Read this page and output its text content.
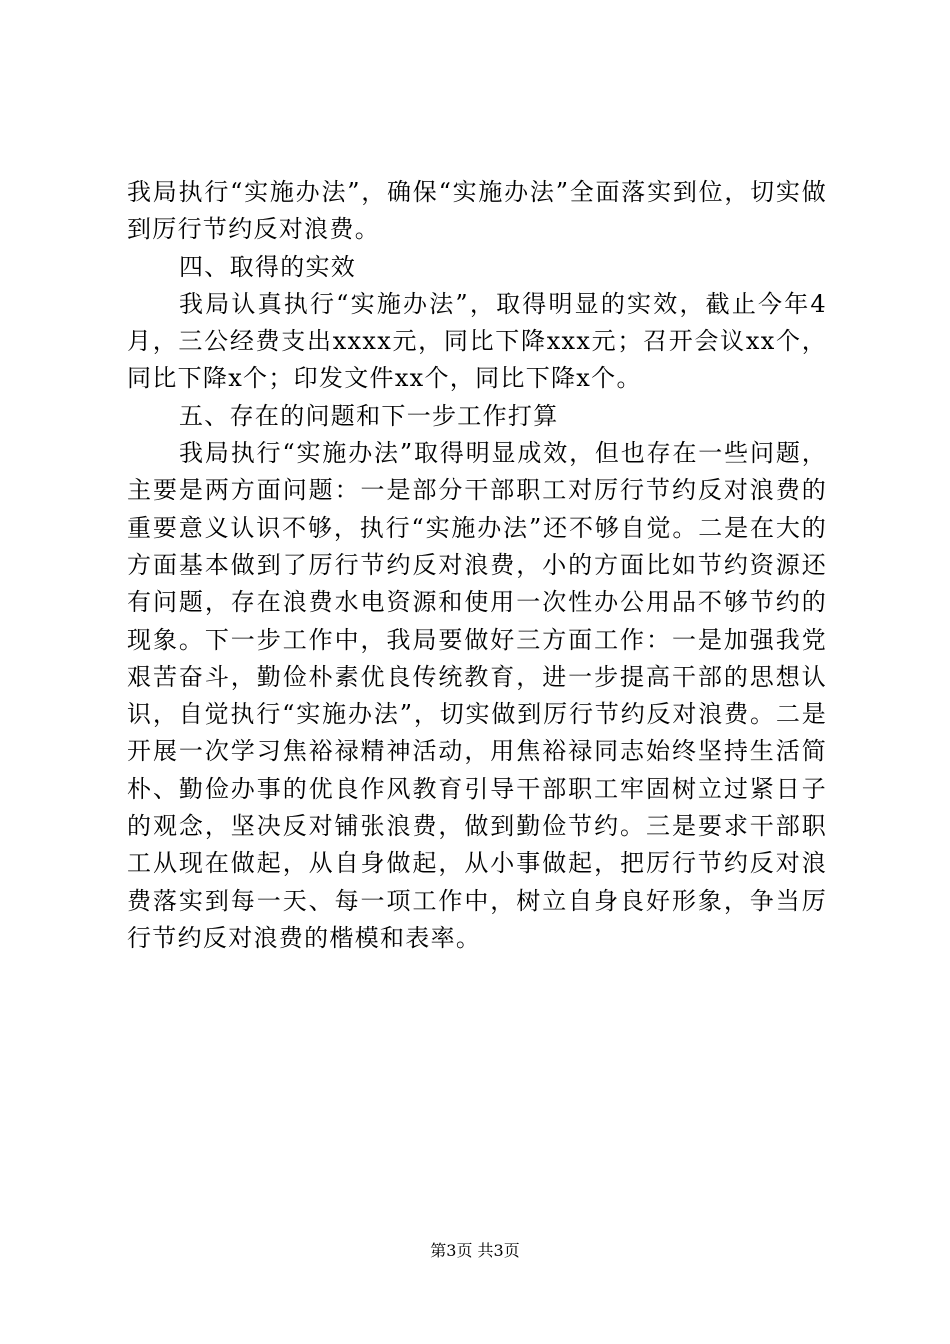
我局执行“实施办法”，确保“实施办法”全面落实到位，切实做到厉行节约反对浪费。

四、取得的实效

我局认真执行“实施办法”，取得明显的实效，截止今年4月，三公经费支出xxxx元，同比下降xxx元；召开会议xx个，同比下降x个；印发文件xx个，同比下降x个。

五、存在的问题和下一步工作打算

我局执行“实施办法”取得明显成效，但也存在一些问题，主要是两方面问题：一是部分干部职工对厉行节约反对浪费的重要意义认识不够，执行“实施办法”还不够自觉。二是在大的方面基本做到了厉行节约反对浪费，小的方面比如节约资源还有问题，存在浪费水电资源和使用一次性办公用品不够节约的现象。下一步工作中，我局要做好三方面工作：一是加强我党艰苦奋斗，勤俭朴素优良传统教育，进一步提高干部的思想认识，自觉执行“实施办法”，切实做到厉行节约反对浪费。二是开展一次学习焦裕禄精神活动，用焦裕禄同志始终坚持生活简朴、勤俭办事的优良作风教育引导干部职工牢固树立过紧日子的观念，坚决反对铺张浪费，做到勤俭节约。三是要求干部职工从现在做起，从自身做起，从小事做起，把厉行节约反对浪费落实到每一天、每一项工作中，树立自身良好形象，争当厉行节约反对浪费的楷模和表率。

第3页 共3页
